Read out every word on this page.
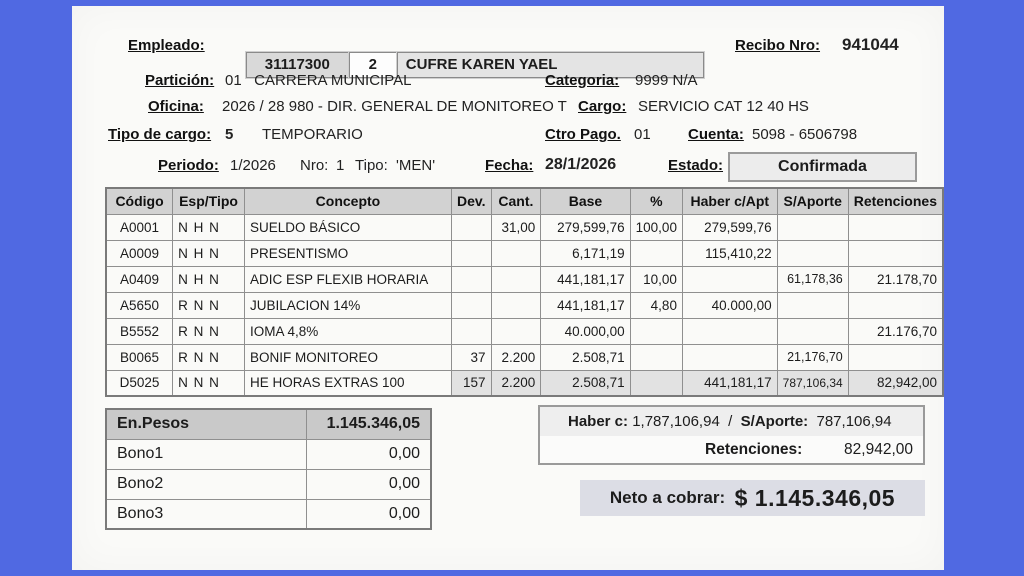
Empleado:

31117300	2 CUFRE KAREN YAEL

Recibo Nro: 941044
Partición: 01   CARRERA MUNICIPAL	Categoria: 9999 N/A
Oficina: 2026 / 28 980 - DIR. GENERAL DE MONITOREO T Cargo: SERVICIO CAT 12 40 HS
Tipo de cargo: 5 TEMPORARIO	Ctro Pago. 01 Cuenta: 5098 - 6506798
Periodo: 1/2026 Nro: 1 Tipo: 'MEN'	Fecha: 28/1/2026	Estado:	Confirmada
Código	Esp/Tipo	Concepto	Dev.	Cant.	Base	%	Haber c/Apt	S/Aporte	Retenciones
A0001	N H N	SUELDO BÁSICO		31,00	279,599,76	100,00	279,599,76		
A0009	N H N	PRESENTISMO			6,171,19		115,410,22		
A0409	N H N	ADIC ESP FLEXIB HORARIA			441,181,17	10,00		61,178,36	21.178,70
A5650	R N N	JUBILACION 14%			441,181,17	4,80	40.000,00		
B5552	R N N	IOMA 4,8%			40.000,00				21.176,70
B0065	R N N	BONIF MONITOREO	37	2.200	2.508,71			21,176,70	
D5025	N N N	HE HORAS EXTRAS 100	157	2.200	2.508,71		441,181,17	787,106,34	82,942,00
En.Pesos	1.145.346,05
Bono1	0,00
Bono2	0,00
Bono3	0,00
Haber c:
1,787,106,94
/
S/Aporte:
787,106,94
Retenciones:	82,942,00
Neto a cobrar:
$ 1.145.346,05
